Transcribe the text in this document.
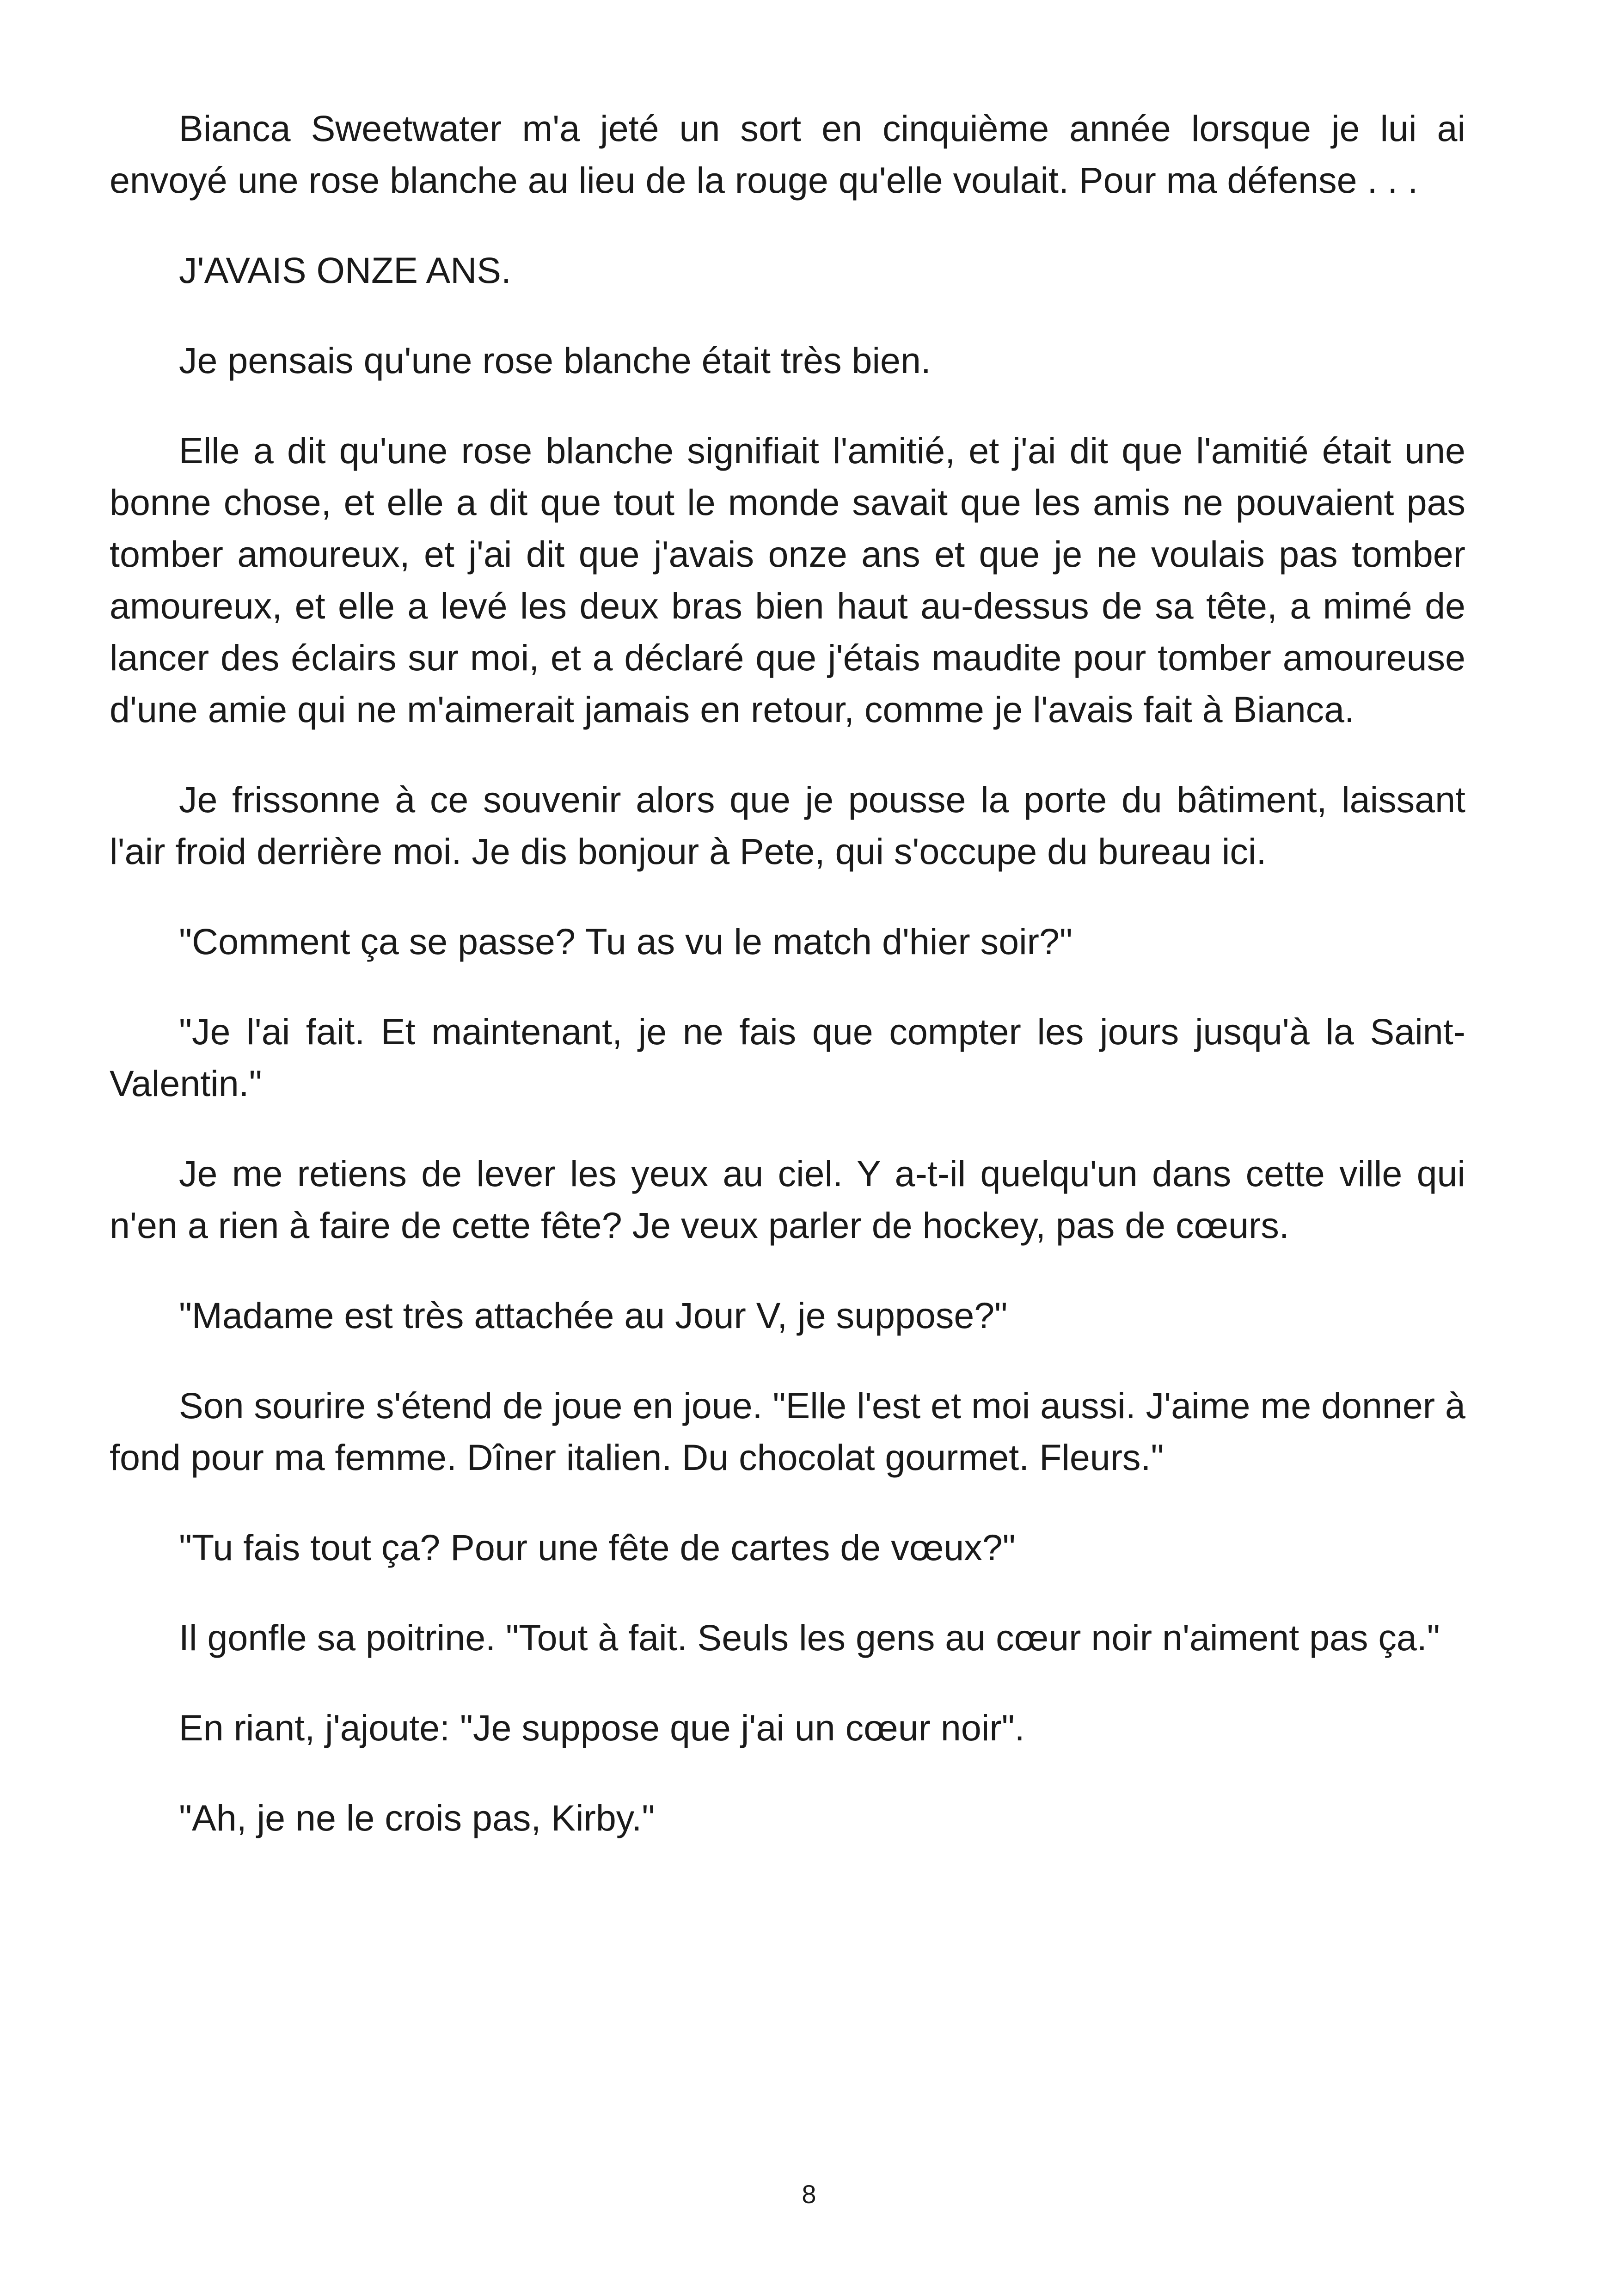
Bianca Sweetwater m'a jeté un sort en cinquième année lorsque je lui ai envoyé une rose blanche au lieu de la rouge qu'elle voulait. Pour ma défense . . .

J'AVAIS ONZE ANS.

Je pensais qu'une rose blanche était très bien.

Elle a dit qu'une rose blanche signifiait l'amitié, et j'ai dit que l'amitié était une bonne chose, et elle a dit que tout le monde savait que les amis ne pouvaient pas tomber amoureux, et j'ai dit que j'avais onze ans et que je ne voulais pas tomber amoureux, et elle a levé les deux bras bien haut au-dessus de sa tête, a mimé de lancer des éclairs sur moi, et a déclaré que j'étais maudite pour tomber amoureuse d'une amie qui ne m'aimerait jamais en retour, comme je l'avais fait à Bianca.

Je frissonne à ce souvenir alors que je pousse la porte du bâtiment, laissant l'air froid derrière moi. Je dis bonjour à Pete, qui s'occupe du bureau ici.

"Comment ça se passe? Tu as vu le match d'hier soir?"

"Je l'ai fait. Et maintenant, je ne fais que compter les jours jusqu'à la Saint-Valentin."

Je me retiens de lever les yeux au ciel. Y a-t-il quelqu'un dans cette ville qui n'en a rien à faire de cette fête? Je veux parler de hockey, pas de cœurs.

"Madame est très attachée au Jour V, je suppose?"

Son sourire s'étend de joue en joue. "Elle l'est et moi aussi. J'aime me donner à fond pour ma femme. Dîner italien. Du chocolat gourmet. Fleurs."

"Tu fais tout ça? Pour une fête de cartes de vœux?"

Il gonfle sa poitrine. "Tout à fait. Seuls les gens au cœur noir n'aiment pas ça."

En riant, j'ajoute: "Je suppose que j'ai un cœur noir".

"Ah, je ne le crois pas, Kirby."

8
